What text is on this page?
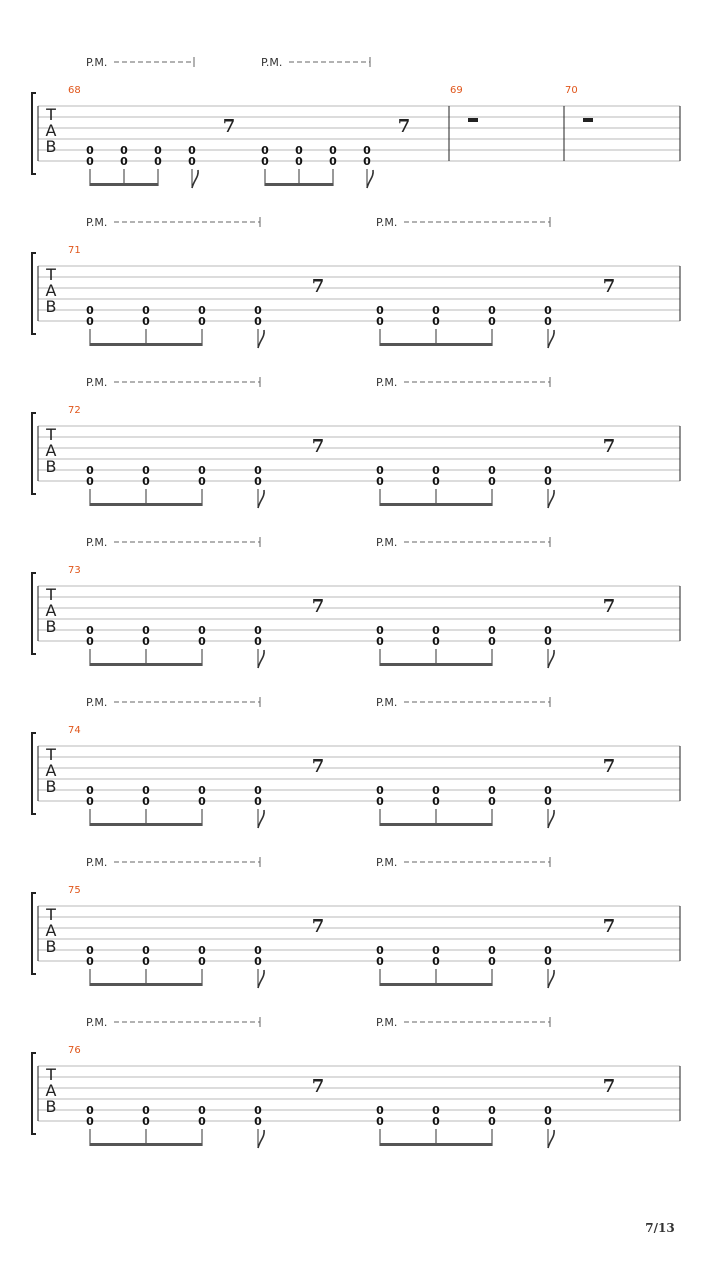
T
A
B
68
0
0
0
0
0
0
0
0
7
P.M.
0
0
0
0
0
0
0
0
7
P.M.
69	70
T
A
B
71
0
0
0
0
0
0
0
0
7
P.M.
0
0
0
0
0
0
0
0
7
P.M.
T
A
B
72
0
0
0
0
0
0
0
0
7
P.M.
0
0
0
0
0
0
0
0
7
P.M.
T
A
B
73
0
0
0
0
0
0
0
0
7
P.M.
0
0
0
0
0
0
0
0
7
P.M.
T
A
B
74
0
0
0
0
0
0
0
0
7
P.M.
0
0
0
0
0
0
0
0
7
P.M.
T
A
B
75
0
0
0
0
0
0
0
0
7
P.M.
0
0
0
0
0
0
0
0
7
P.M.
T
A
B
76
0
0
0
0
0
0
0
0
7
P.M.
0
0
0
0
0
0
0
0
7
P.M.
7/13
